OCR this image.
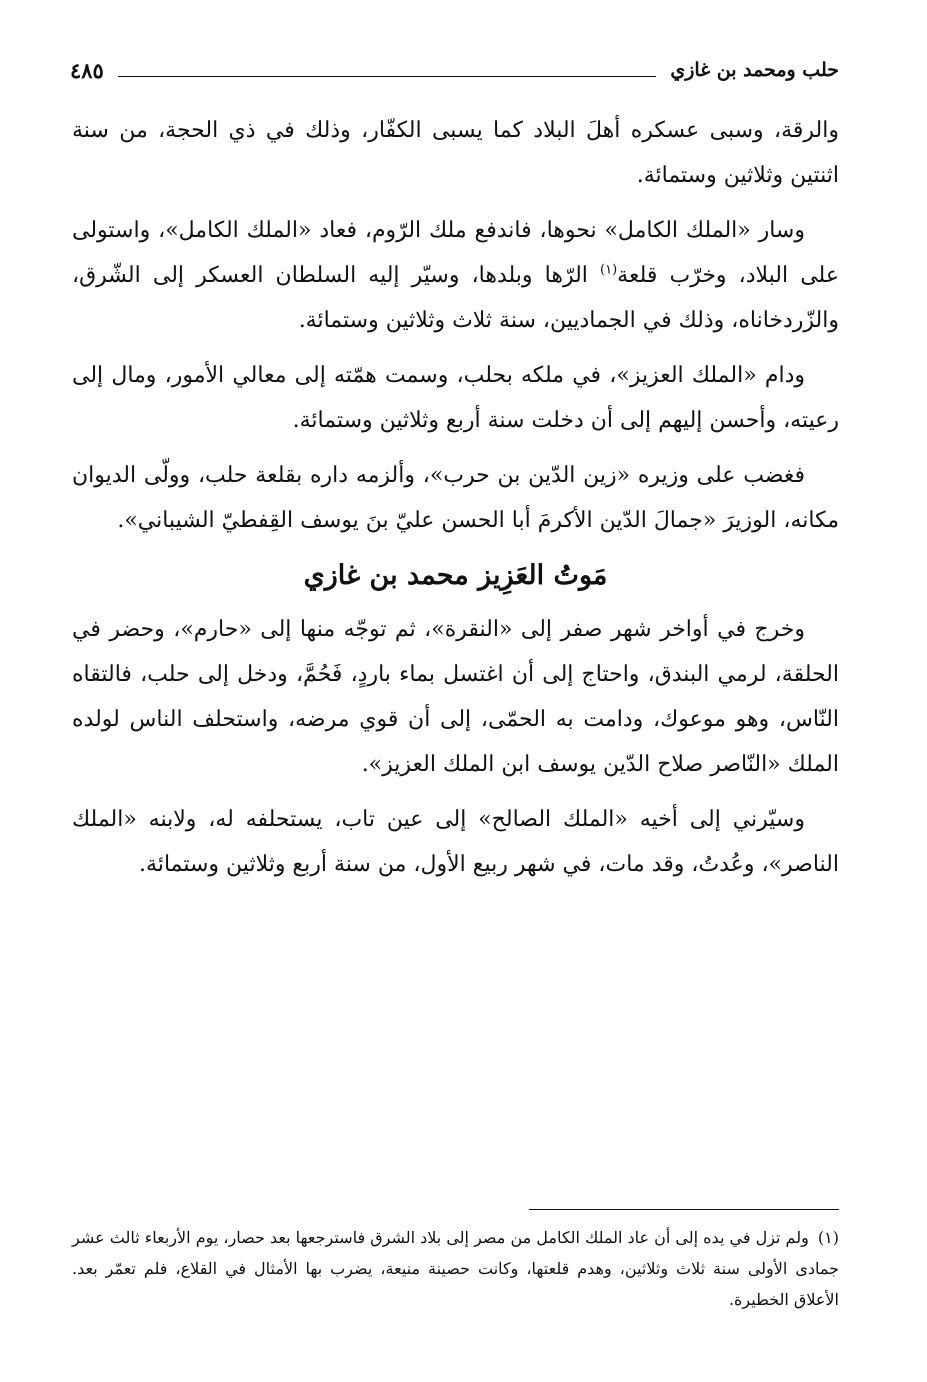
حلب ومحمد بن غازي
٤٨٥

والرقة، وسبى عسكره أهلَ البلاد كما يسبى الكفّار، وذلك في ذي الحجة، من سنة اثنتين وثلاثين وستمائة.

وسار «الملك الكامل» نحوها، فاندفع ملك الرّوم، فعاد «الملك الكامل»، واستولى على البلاد، وخرّب قلعة$^{(١)}$ الرّها وبلدها، وسيّر إليه السلطان العسكر إلى الشّرق، والزّردخاناه، وذلك في الجماديين، سنة ثلاث وثلاثين وستمائة.

ودام «الملك العزيز»، في ملكه بحلب، وسمت همّته إلى معالي الأمور، ومال إلى رعيته، وأحسن إليهم إلى أن دخلت سنة أربع وثلاثين وستمائة.

فغضب على وزيره «زين الدّين بن حرب»، وألزمه داره بقلعة حلب، وولّى الديوان مكانه، الوزيرَ «جمالَ الدّين الأكرمَ أبا الحسن عليّ بنَ يوسف القِفطيّ الشيباني».

مَوتُ العَزِيز محمد بن غازي

وخرج في أواخر شهر صفر إلى «النقرة»، ثم توجّه منها إلى «حارم»، وحضر في الحلقة، لرمي البندق، واحتاج إلى أن اغتسل بماء باردٍ، فَحُمَّ، ودخل إلى حلب، فالتقاه النّاس، وهو موعوك، ودامت به الحمّى، إلى أن قوي مرضه، واستحلف الناس لولده الملك «النّاصر صلاح الدّين يوسف ابن الملك العزيز».

وسيّرني إلى أخيه «الملك الصالح» إلى عين تاب، يستحلفه له، ولابنه «الملك الناصر»، وعُدتُ، وقد مات، في شهر ربيع الأول، من سنة أربع وثلاثين وستمائة.

(١) ولم تزل في يده إلى أن عاد الملك الكامل من مصر إلى بلاد الشرق فاسترجعها بعد حصار، يوم الأربعاء ثالث عشر جمادى الأولى سنة ثلاث وثلاثين، وهدم قلعتها، وكانت حصينة منيعة، يضرب بها الأمثال في القلاع، فلم تعمّر بعد. الأعلاق الخطيرة.
